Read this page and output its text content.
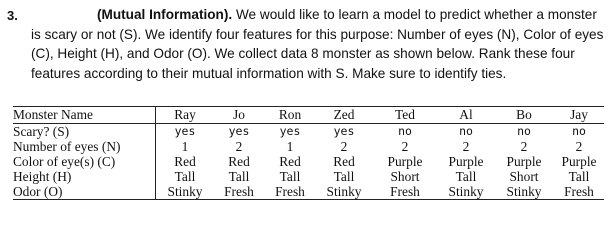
3.	(Mutual Information). We would like to learn a model to predict whether a monster is scary or not (S). We identify four features for this purpose: Number of eyes (N), Color of eyes (C), Height (H), and Odor (O). We collect data 8 monster as shown below. Rank these four features according to their mutual information with S. Make sure to identify ties.
Monster Name	Ray	Jo	Ron	Zed	Ted	Al	Bo	Jay
Scary? (S)	yes	yes	yes	yes	no	no	no	no
Number of eyes (N)	1	2	1	2	2	2	2	2
Color of eye(s) (C)	Red	Red	Red	Red	Purple	Purple	Purple	Purple
Height (H)	Tall	Tall	Tall	Tall	Short	Tall	Short	Tall
Odor (O)	Stinky	Fresh	Fresh	Stinky	Fresh	Stinky	Stinky	Fresh
